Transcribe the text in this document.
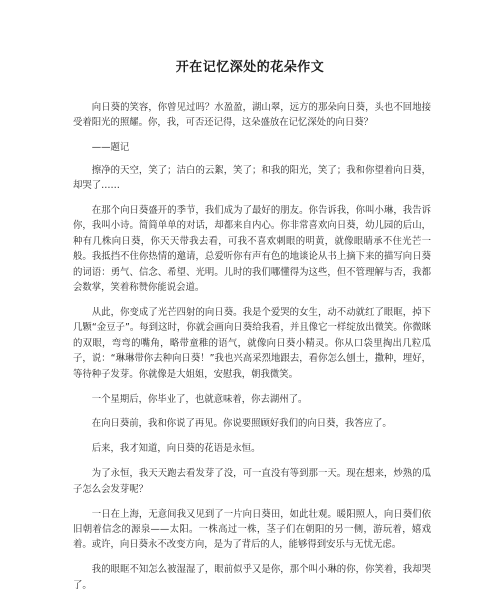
开在记忆深处的花朵作文

向日葵的笑容，你曾见过吗？水盈盈，湖山翠，远方的那朵向日葵，头也不回地接受着阳光的照耀。你，我，可否还记得，这朵盛放在记忆深处的向日葵？

——题记

擦净的天空，笑了；洁白的云絮，笑了；和我的阳光，笑了；我和你望着向日葵，却哭了……

在那个向日葵盛开的季节，我们成为了最好的朋友。你告诉我，你叫小琳，我告诉你，我叫小诗。简简单单的对话，却都来自内心。你非常喜欢向日葵，幼儿园的后山，种有几株向日葵，你天天带我去看，可我不喜欢刺眼的明黄，就像眼睛承不住光芒一般。我抵挡不住你热情的邀请，总爱听你有声有色的地谈论从书上摘下来的描写向日葵的词语：勇气、信念、希望、光明。儿时的我们哪懂得为这些，但不管理解与否，我都会数掌，笑着称赞你能说会道。

从此，你变成了光芒四射的向日葵。我是个爱哭的女生，动不动就红了眼眶，掉下几颗“金豆子”。每到这时，你就会画向日葵给我看，并且像它一样绽放出微笑。你微眯的双眼，弯弯的嘴角，略带童稚的语气，就像向日葵小精灵。你从口袋里掏出几粒瓜子，说：“琳琳带你去种向日葵！”我也兴高采烈地跟去，看你怎么刨土，撒种，埋好，等待种子发芽。你就像是大姐姐，安慰我，朝我微笑。

一个星期后，你毕业了，也就意味着，你去湖州了。

在向日葵前，我和你说了再见。你说要照顾好我们的向日葵，我答应了。

后来，我才知道，向日葵的花语是永恒。

为了永恒，我天天跑去看发芽了没，可一直没有等到那一天。现在想来，炒熟的瓜子怎么会发芽呢？

一日在上海，无意间我又见到了一片向日葵田，如此壮观。暖阳照人，向日葵们依旧朝着信念的源泉——太阳。一株高过一株，茎子们在朝阳的另一侧，游玩着，嬉戏着。或许，向日葵永不改变方向，是为了背后的人，能够得到安乐与无忧无虑。

我的眼眶不知怎么被湿湿了，眼前似乎又是你，那个叫小琳的你，你笑着，我却哭了。
